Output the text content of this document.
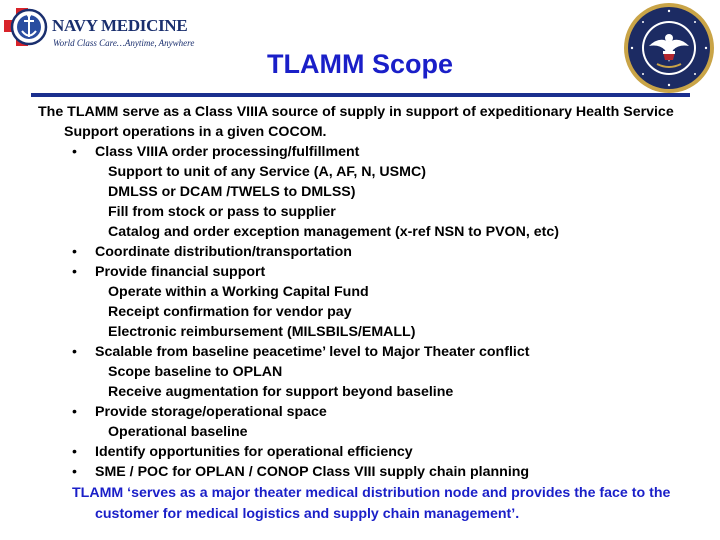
NAVY MEDICINE
World Class Care…Anytime, Anywhere
TLAMM Scope

The TLAMM serve as a Class VIIIA source of supply in support of expeditionary Health Service Support operations in a given COCOM.

• Class VIIIA order processing/fulfillment

Support to unit of any Service (A, AF, N, USMC)

DMLSS or DCAM /TWELS to DMLSS)

Fill from stock or pass to supplier

Catalog and order exception management (x-ref NSN to PVON, etc)

• Coordinate distribution/transportation

• Provide financial support

Operate within a Working Capital Fund

Receipt confirmation for vendor pay

Electronic reimbursement (MILSBILS/EMALL)

• Scalable from baseline peacetime’ level to Major Theater conflict

Scope baseline to OPLAN

Receive augmentation for support beyond baseline

• Provide storage/operational space

Operational baseline

• Identify opportunities for operational efficiency

• SME / POC for OPLAN / CONOP Class VIII supply chain planning

TLAMM ‘serves as a major theater medical distribution node and provides the face to the customer for medical logistics and supply chain management’.
